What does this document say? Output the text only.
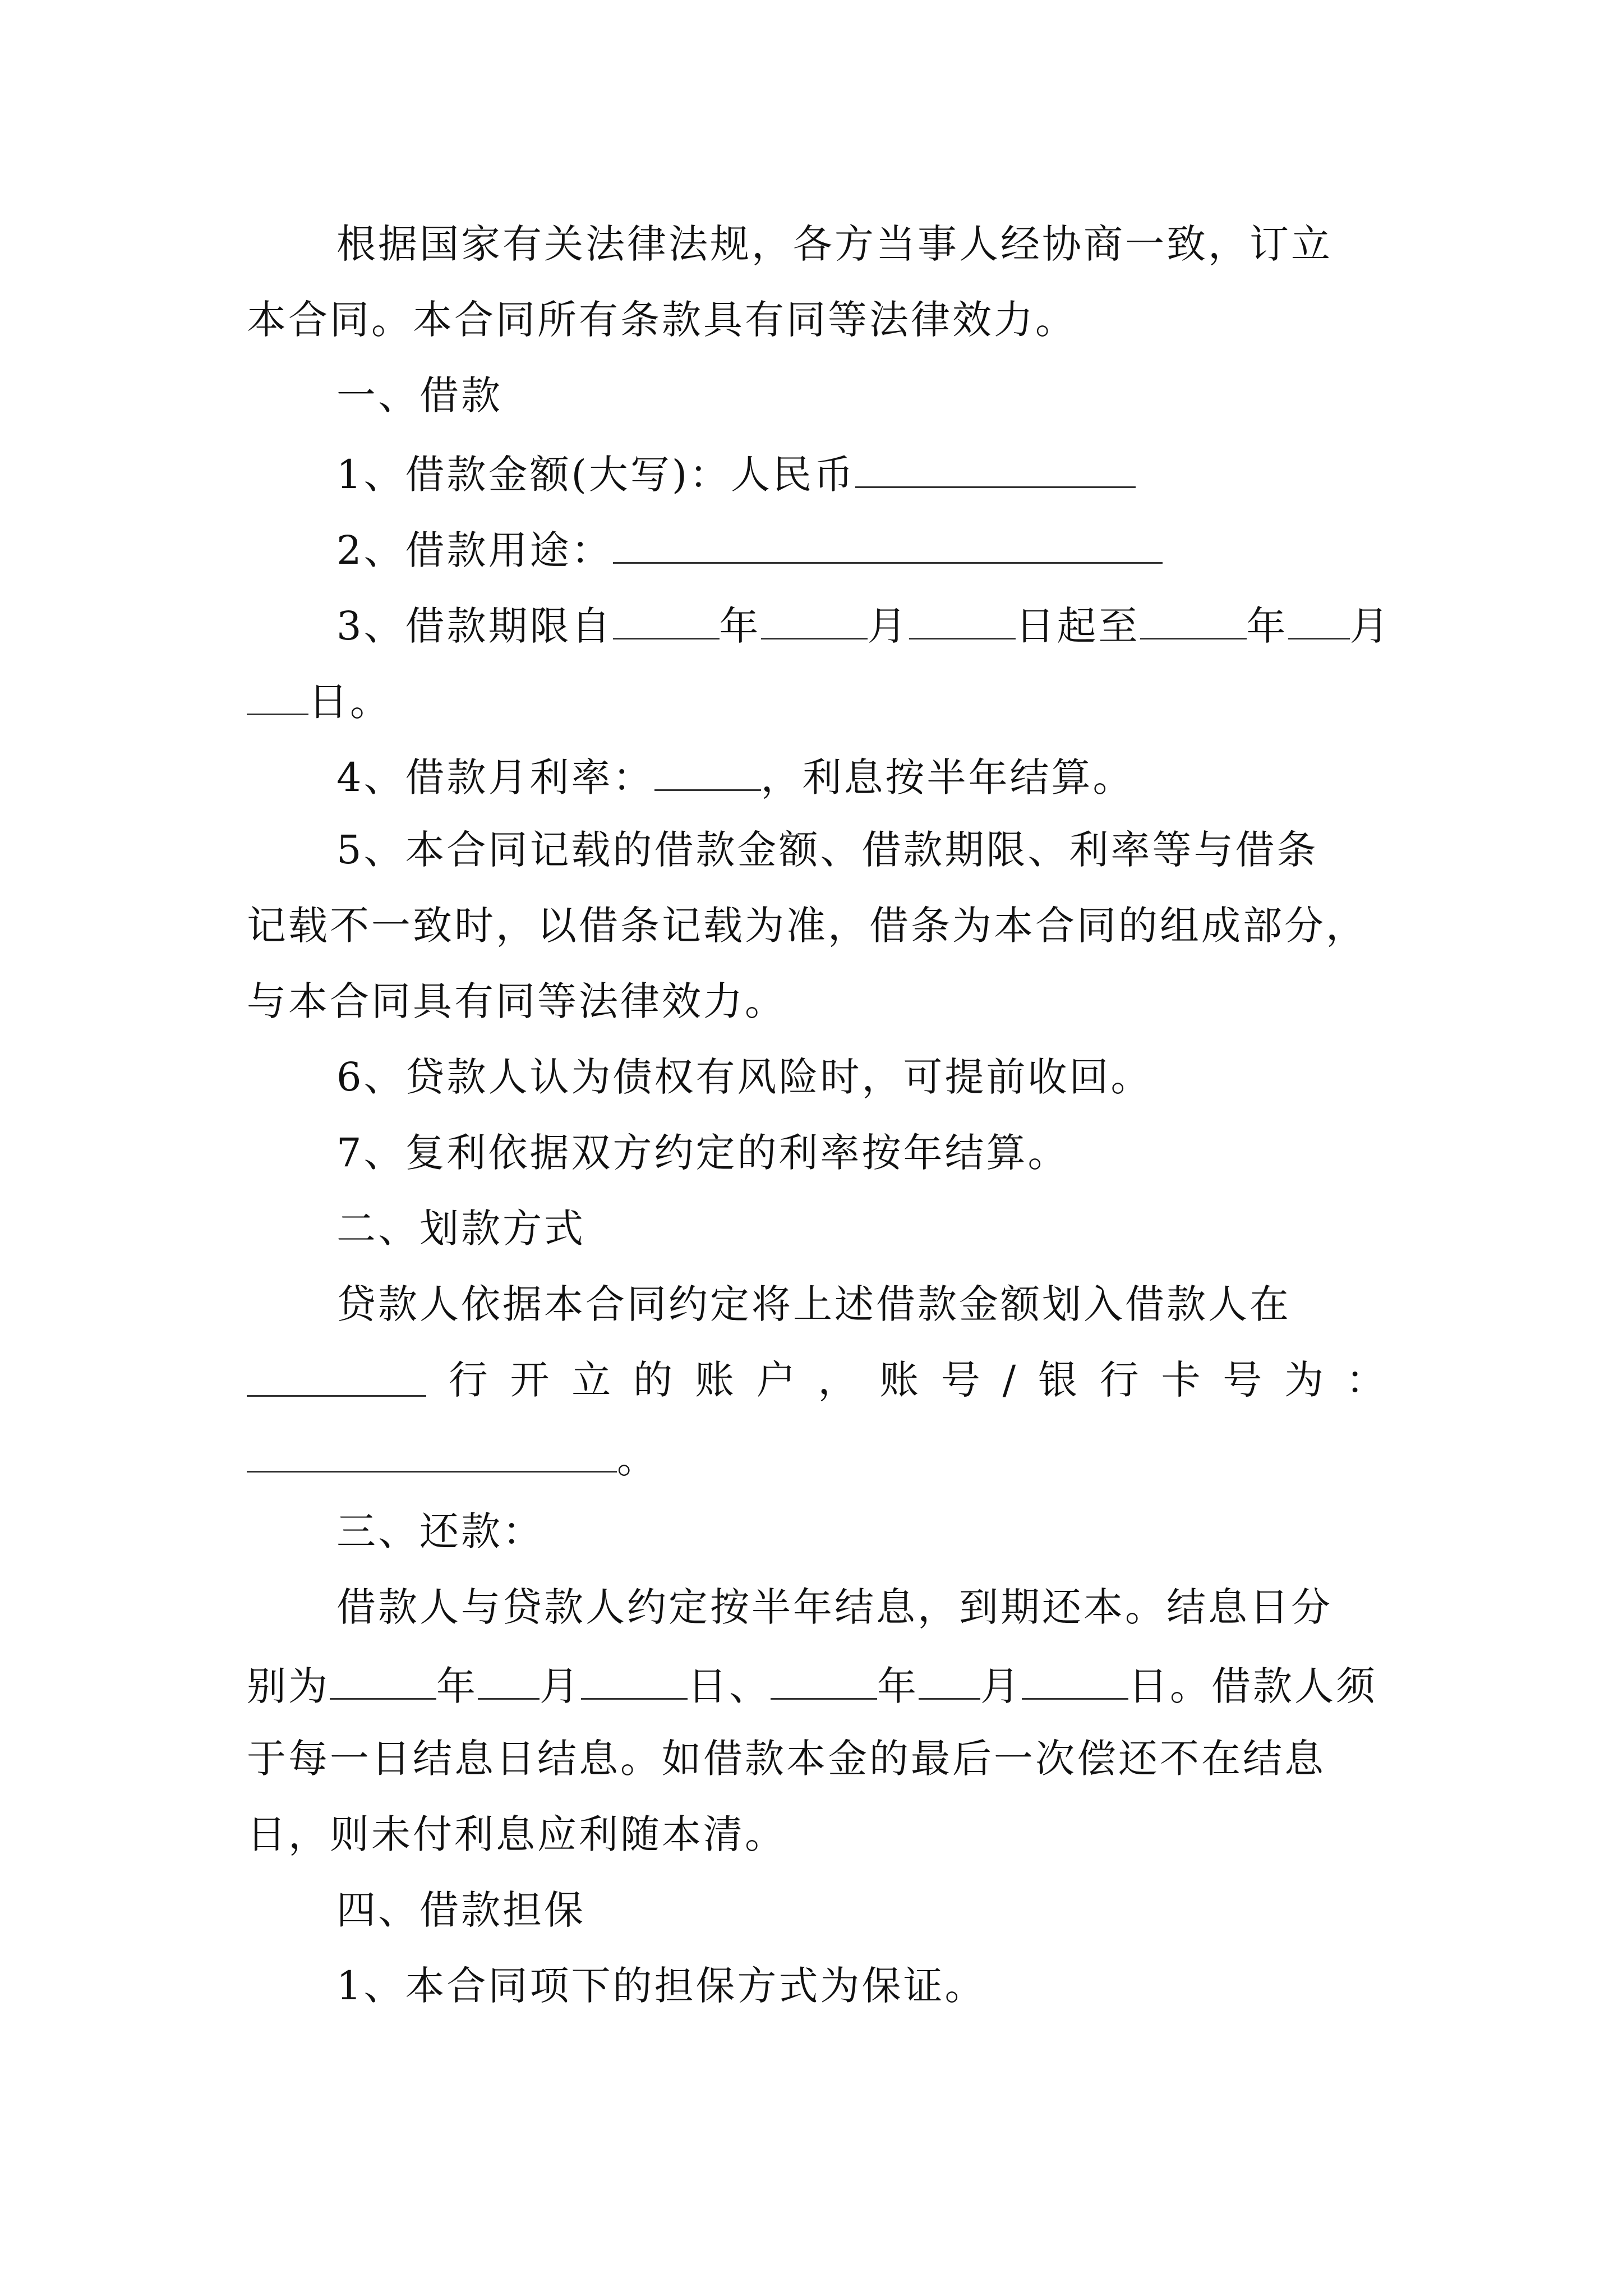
根据国家有关法律法规，各方当事人经协商一致，订立
本合同。本合同所有条款具有同等法律效力。
一、借款
1、借款金额(大写)：人民币
2、借款用途：
3、借款期限自	年	月	日起至	年 月
日。
4、借款月利率：	，利息按半年结算。
5、本合同记载的借款金额、借款期限、利率等与借条
记载不一致时，以借条记载为准，借条为本合同的组成部分，
与本合同具有同等法律效力。
6、贷款人认为债权有风险时，可提前收回。
7、复利依据双方约定的利率按年结算。
二、划款方式
贷款人依据本合同约定将上述借款金额划入借款人在
行 开 立 的 账 户 ， 账 号 / 银 行 卡 号 为 ：
。
三、还款：
借款人与贷款人约定按半年结息，到期还本。结息日分
别为	年 月	日、	年 月	日。借款人须
于每一日结息日结息。如借款本金的最后一次偿还不在结息
日，则未付利息应利随本清。
四、借款担保
1、本合同项下的担保方式为保证。
